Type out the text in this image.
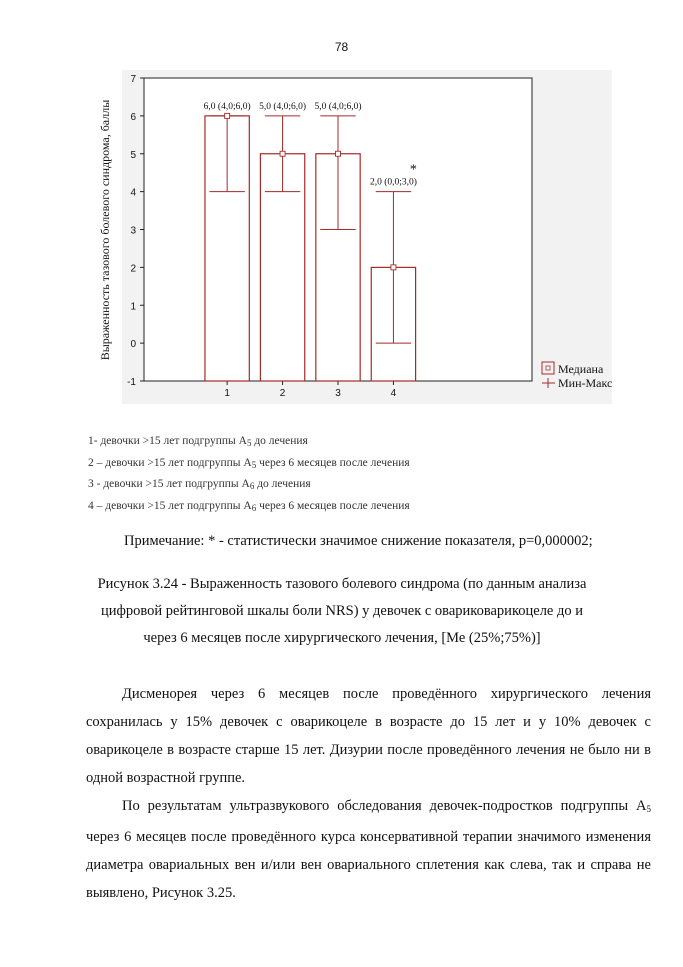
78
-1
0
1
2
3
4
5
6
7
1	2	3	4
6,0 (4,0;6,0) 5,0 (4,0;6,0) 5,0 (4,0;6,0)
2,0 (0,0;3,0)
*
Выраженность тазового болевого синдрома, баллы
Медиана
Мин-Макс
1- девочки >15 лет подгруппы $А_5$ до лечения
2 – девочки >15 лет подгруппы $А_5$ через 6 месяцев после лечения
3 - девочки >15 лет подгруппы $А_6$ до лечения
4 – девочки >15 лет подгруппы $А_6$ через 6 месяцев после лечения
Примечание: * - статистически значимое снижение показателя, р=0,000002;
Рисунок 3.24 - Выраженность тазового болевого синдрома (по данным анализа
цифровой рейтинговой шкалы боли NRS) у девочек с овариковарикоцеле до и
через 6 месяцев после хирургического лечения, [Ме (25%;75%)]

Дисменорея через 6 месяцев после проведённого хирургического лечения сохранилась у 15% девочек с оварикоцеле в возрасте до 15 лет и у 10% девочек с оварикоцеле в возрасте старше 15 лет. Дизурии после проведённого лечения не было ни в одной возрастной группе.

По результатам ультразвукового обследования девочек-подростков подгруппы $А_5$ через 6 месяцев после проведённого курса консервативной терапии значимого изменения диаметра овариальных вен и/или вен овариального сплетения как слева, так и справа не выявлено, Рисунок 3.25.
